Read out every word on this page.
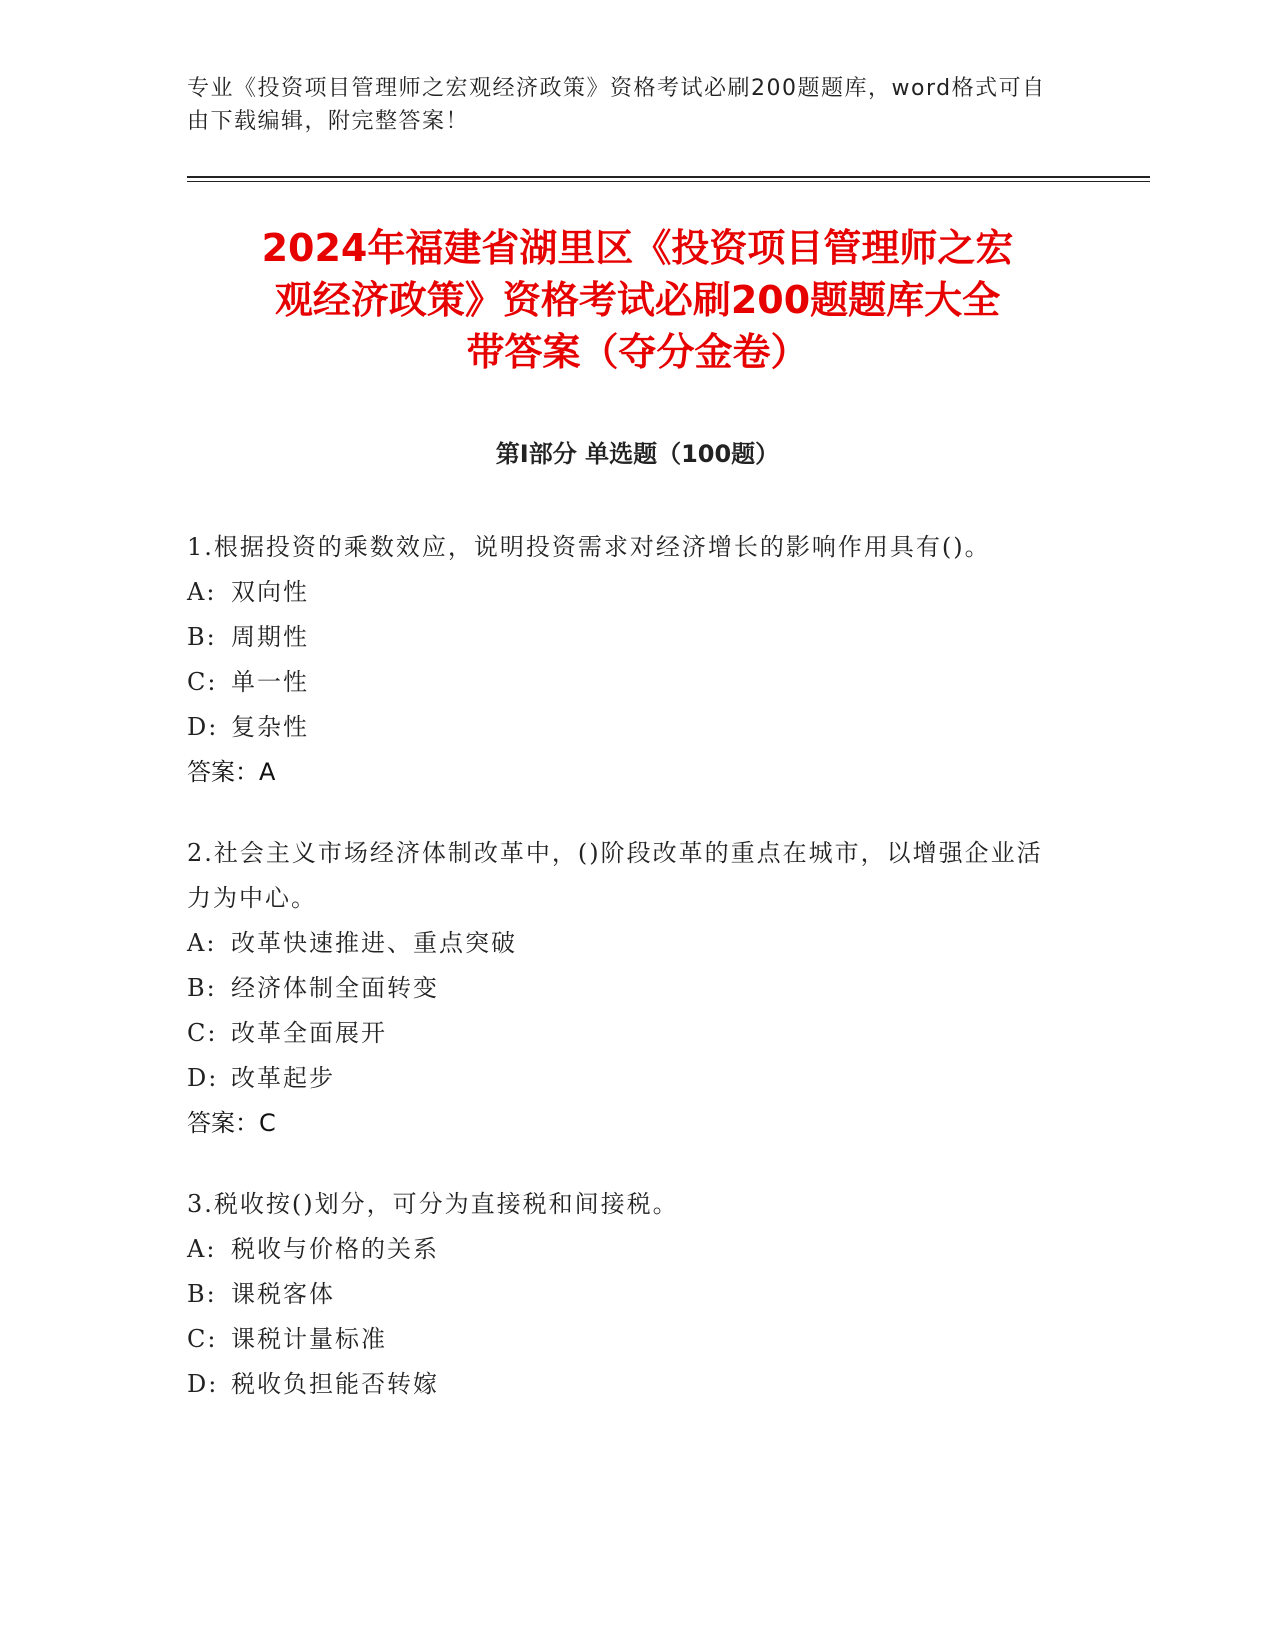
专业《投资项目管理师之宏观经济政策》资格考试必刷200题题库，word格式可自由下载编辑，附完整答案！
2024年福建省湖里区《投资项目管理师之宏
观经济政策》资格考试必刷200题题库大全
带答案（夺分金卷）
第Ⅰ部分 单选题（100题）

1.根据投资的乘数效应，说明投资需求对经济增长的影响作用具有()。

A: 双向性

B: 周期性

C: 单一性

D: 复杂性

答案：A

2.社会主义市场经济体制改革中，()阶段改革的重点在城市，以增强企业活力为中心。

A: 改革快速推进、重点突破

B: 经济体制全面转变

C: 改革全面展开

D: 改革起步

答案：C

3.税收按()划分，可分为直接税和间接税。

A: 税收与价格的关系

B: 课税客体

C: 课税计量标准

D: 税收负担能否转嫁
